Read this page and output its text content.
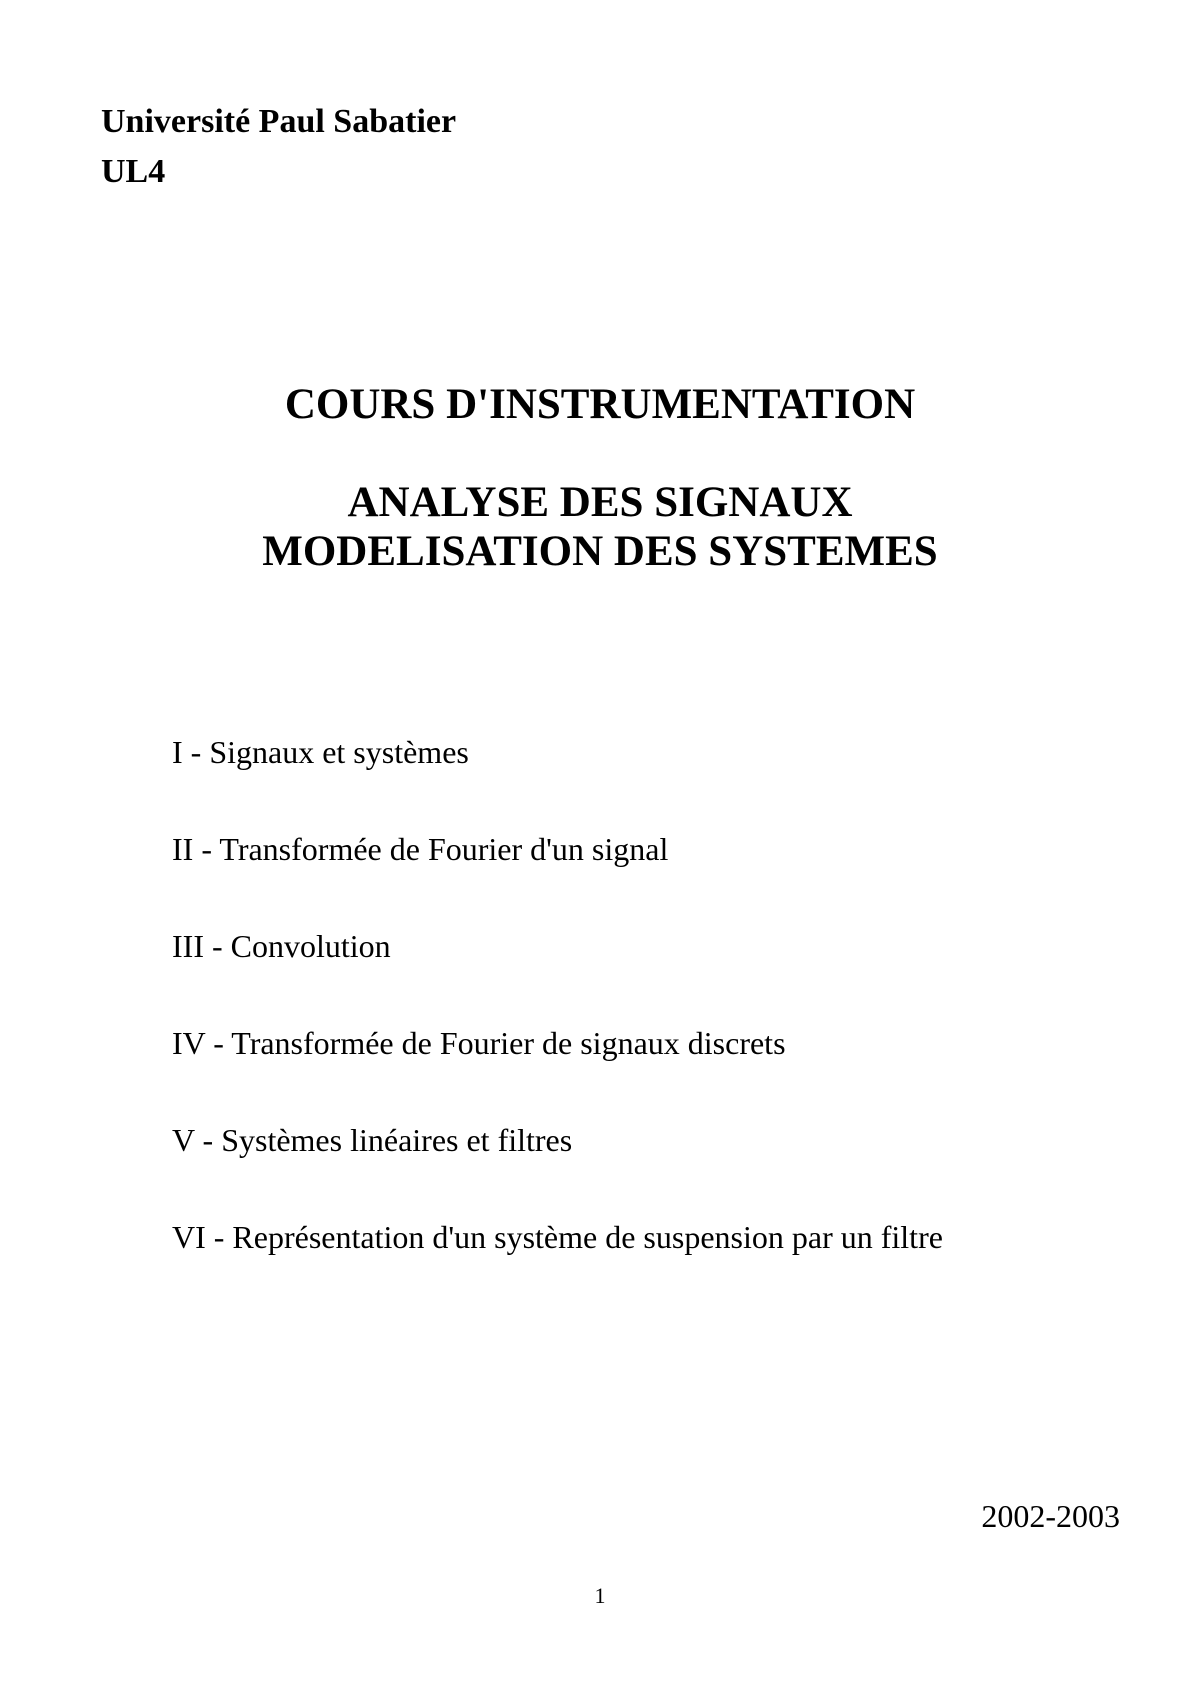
Université Paul Sabatier
UL4
COURS D'INSTRUMENTATION
ANALYSE DES SIGNAUX
MODELISATION DES SYSTEMES
I - Signaux et systèmes
II - Transformée de Fourier d'un signal
III - Convolution
IV - Transformée de Fourier de signaux discrets
V - Systèmes linéaires et filtres
VI - Représentation d'un système de suspension par un filtre
2002-2003
1
